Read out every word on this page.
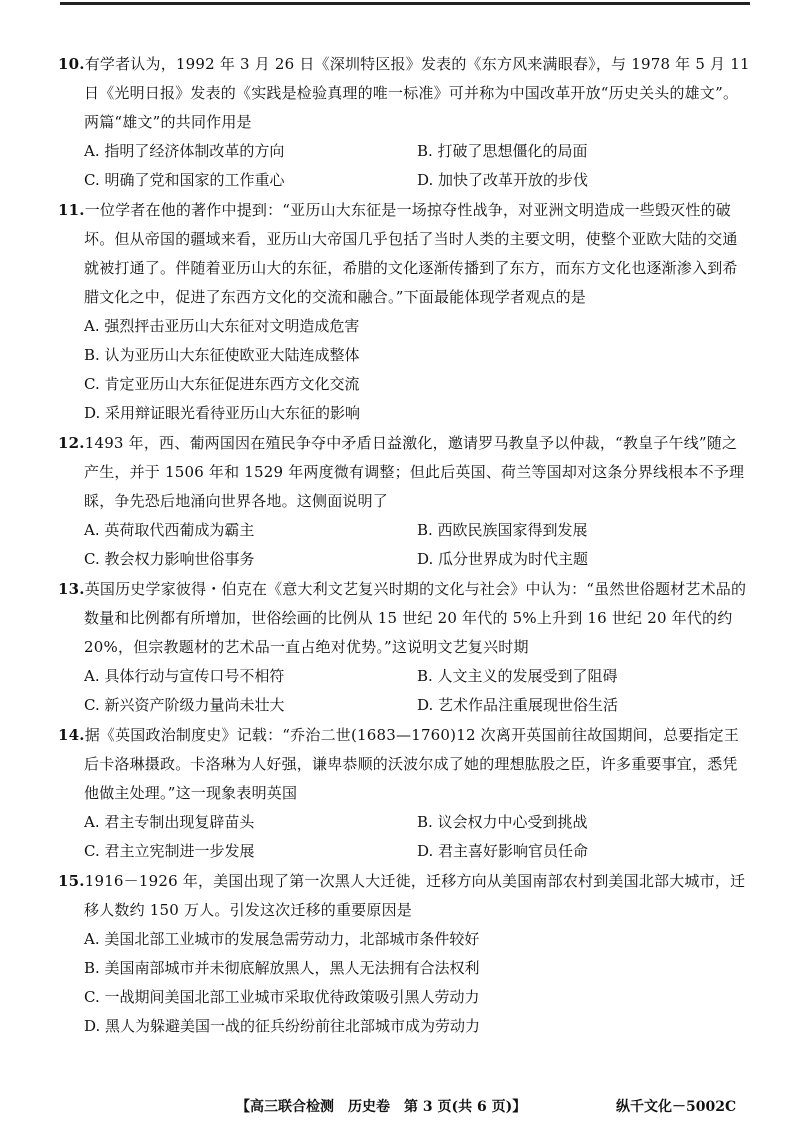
10.有学者认为，1992 年 3 月 26 日《深圳特区报》发表的《东方风来满眼春》，与 1978 年 5 月 11 日《光明日报》发表的《实践是检验真理的唯一标准》可并称为中国改革开放“历史关头的雄文”。两篇“雄文”的共同作用是
A. 指明了经济体制改革的方向	B. 打破了思想僵化的局面
C. 明确了党和国家的工作重心	D. 加快了改革开放的步伐
11.一位学者在他的著作中提到：“亚历山大东征是一场掠夺性战争，对亚洲文明造成一些毁灭性的破坏。但从帝国的疆域来看，亚历山大帝国几乎包括了当时人类的主要文明，使整个亚欧大陆的交通就被打通了。伴随着亚历山大的东征，希腊的文化逐渐传播到了东方，而东方文化也逐渐渗入到希腊文化之中，促进了东西方文化的交流和融合。”下面最能体现学者观点的是
A. 强烈抨击亚历山大东征对文明造成危害
B. 认为亚历山大东征使欧亚大陆连成整体
C. 肯定亚历山大东征促进东西方文化交流
D. 采用辩证眼光看待亚历山大东征的影响
12.1493 年，西、葡两国因在殖民争夺中矛盾日益激化，邀请罗马教皇予以仲裁，“教皇子午线”随之产生，并于 1506 年和 1529 年两度微有调整；但此后英国、荷兰等国却对这条分界线根本不予理睬，争先恐后地涌向世界各地。这侧面说明了
A. 英荷取代西葡成为霸主	B. 西欧民族国家得到发展
C. 教会权力影响世俗事务	D. 瓜分世界成为时代主题
13.英国历史学家彼得・伯克在《意大利文艺复兴时期的文化与社会》中认为：“虽然世俗题材艺术品的数量和比例都有所增加，世俗绘画的比例从 15 世纪 20 年代的 5%上升到 16 世纪 20 年代的约 20%，但宗教题材的艺术品一直占绝对优势。”这说明文艺复兴时期
A. 具体行动与宣传口号不相符	B. 人文主义的发展受到了阻碍
C. 新兴资产阶级力量尚未壮大	D. 艺术作品注重展现世俗生活
14.据《英国政治制度史》记载：“乔治二世(1683—1760)12 次离开英国前往故国期间，总要指定王后卡洛琳摄政。卡洛琳为人好强，谦卑恭顺的沃波尔成了她的理想肱股之臣，许多重要事宜，悉凭他做主处理。”这一现象表明英国
A. 君主专制出现复辟苗头	B. 议会权力中心受到挑战
C. 君主立宪制进一步发展	D. 君主喜好影响官员任命
15.1916－1926 年，美国出现了第一次黑人大迁徙，迁移方向从美国南部农村到美国北部大城市，迁移人数约 150 万人。引发这次迁移的重要原因是
A. 美国北部工业城市的发展急需劳动力，北部城市条件较好
B. 美国南部城市并未彻底解放黑人，黑人无法拥有合法权利
C. 一战期间美国北部工业城市采取优待政策吸引黑人劳动力
D. 黑人为躲避美国一战的征兵纷纷前往北部城市成为劳动力
【高三联合检测　历史卷　第 3 页(共 6 页)】	纵千文化－5002C
